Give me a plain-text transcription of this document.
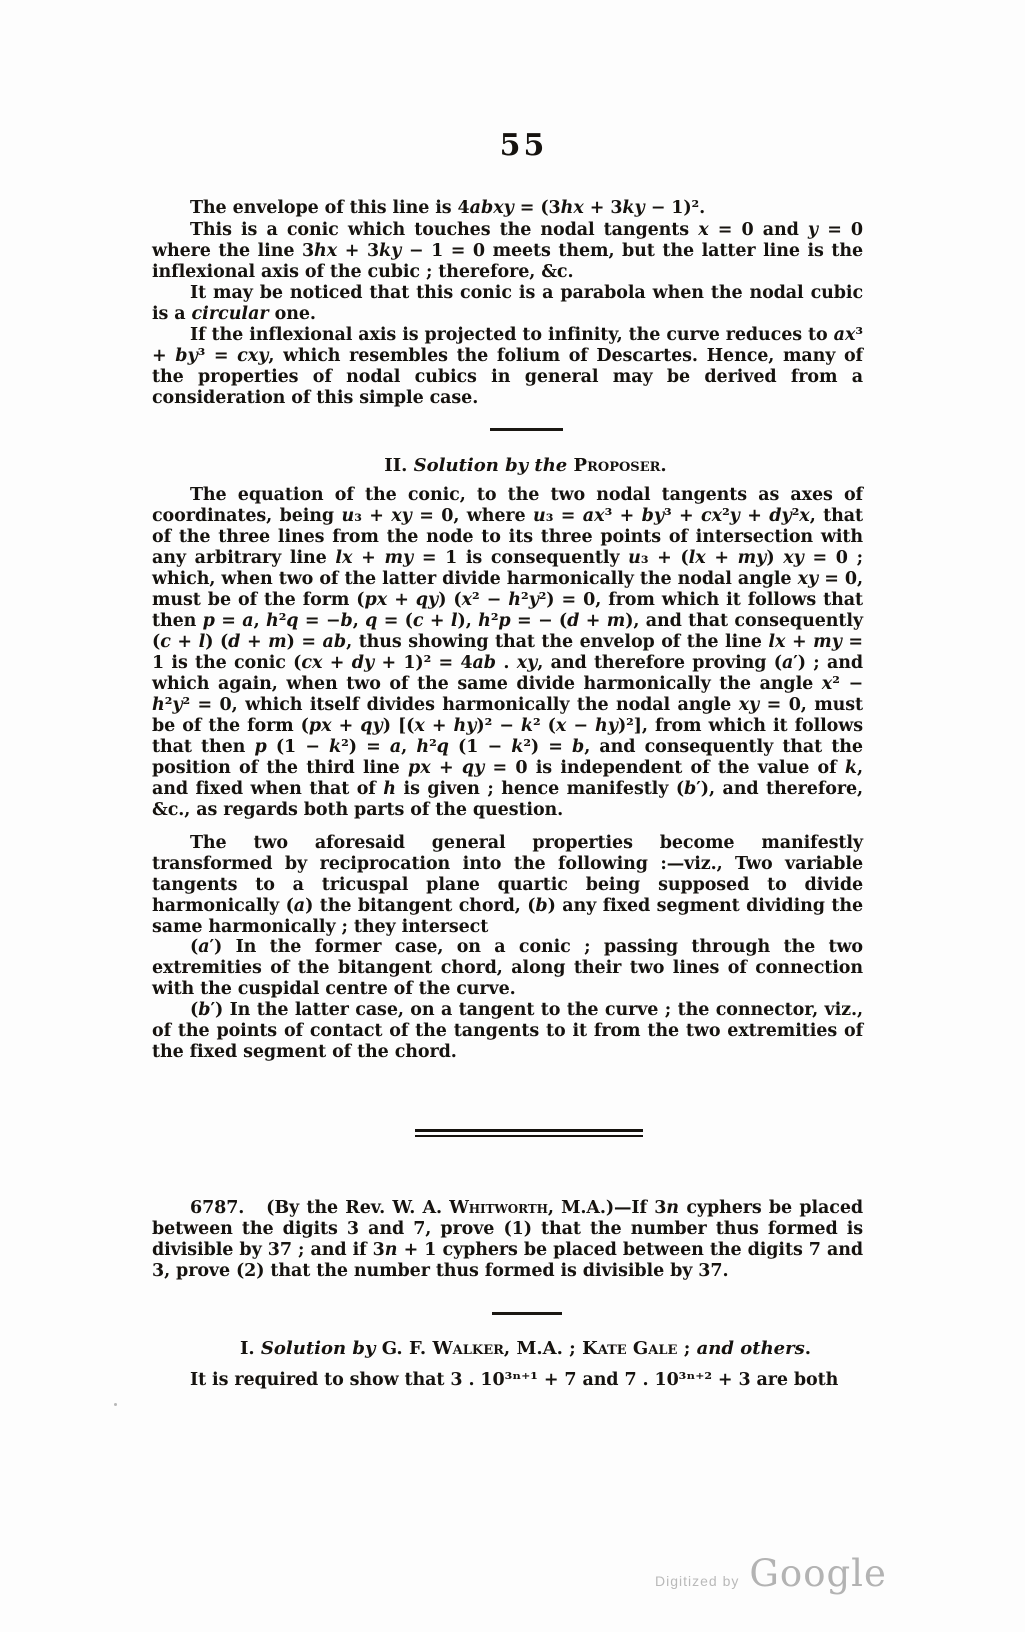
55

The envelope of this line is 4abxy = (3hx + 3ky − 1)².

This is a conic which touches the nodal tangents x = 0 and y = 0 where the line 3hx + 3ky − 1 = 0 meets them, but the latter line is the inflexional axis of the cubic ; therefore, &c.

It may be noticed that this conic is a parabola when the nodal cubic is a circular one.

If the inflexional axis is projected to infinity, the curve reduces to ax³ + by³ = cxy, which resembles the folium of Descartes. Hence, many of the properties of nodal cubics in general may be derived from a consideration of this simple case.

II. Solution by the Proposer.

The equation of the conic, to the two nodal tangents as axes of coordinates, being u₃ + xy = 0, where u₃ = ax³ + by³ + cx²y + dy²x, that of the three lines from the node to its three points of intersection with any arbitrary line lx + my = 1 is consequently u₃ + (lx + my) xy = 0 ; which, when two of the latter divide harmonically the nodal angle xy = 0, must be of the form (px + qy) (x² − h²y²) = 0, from which it follows that then p = a, h²q = −b, q = (c + l), h²p = − (d + m), and that consequently (c + l) (d + m) = ab, thus showing that the envelop of the line lx + my = 1 is the conic (cx + dy + 1)² = 4ab . xy, and therefore proving (a′) ; and which again, when two of the same divide harmonically the angle x² − h²y² = 0, which itself divides harmonically the nodal angle xy = 0, must be of the form (px + qy) [(x + hy)² − k² (x − hy)²], from which it follows that then p (1 − k²) = a, h²q (1 − k²) = b, and consequently that the position of the third line px + qy = 0 is independent of the value of k, and fixed when that of h is given ; hence manifestly (b′), and therefore, &c., as regards both parts of the question.

The two aforesaid general properties become manifestly transformed by reciprocation into the following :—viz., Two variable tangents to a tricuspal plane quartic being supposed to divide harmonically (a) the bitangent chord, (b) any fixed segment dividing the same harmonically ; they intersect

(a′) In the former case, on a conic ; passing through the two extremities of the bitangent chord, along their two lines of connection with the cuspidal centre of the curve.

(b′) In the latter case, on a tangent to the curve ; the connector, viz., of the points of contact of the tangents to it from the two extremities of the fixed segment of the chord.

6787.   (By the Rev. W. A. Whitworth, M.A.)—If 3n cyphers be placed between the digits 3 and 7, prove (1) that the number thus formed is divisible by 37 ; and if 3n + 1 cyphers be placed between the digits 7 and 3, prove (2) that the number thus formed is divisible by 37.

I. Solution by G. F. Walker, M.A. ; Kate Gale ; and others.

It is required to show that 3 . 10³ⁿ⁺¹ + 7 and 7 . 10³ⁿ⁺² + 3 are both

Digitized by Google
